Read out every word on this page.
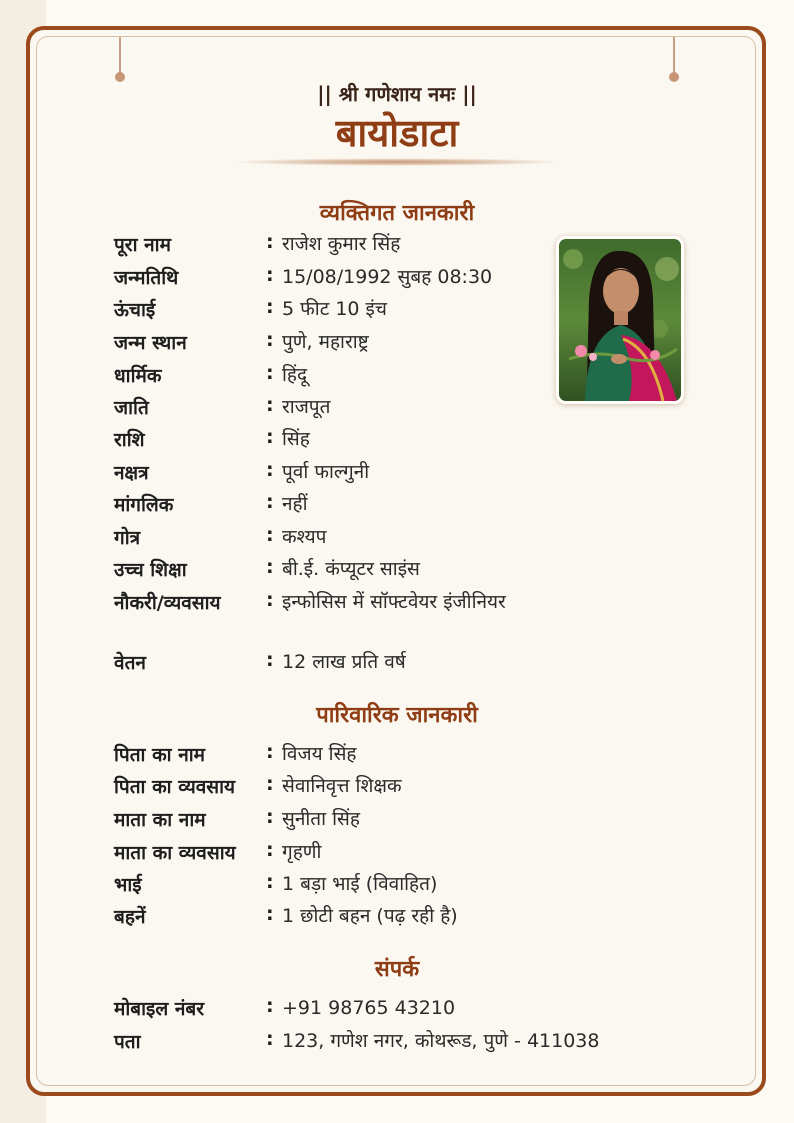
|| श्री गणेशाय नमः ||
बायोडाटा
व्यक्तिगत जानकारी
पूरा नाम	: राजेश कुमार सिंह
जन्मतिथि	: 15/08/1992 सुबह 08:30
ऊंचाई	: 5 फीट 10 इंच
जन्म स्थान	: पुणे, महाराष्ट्र
धार्मिक	: हिंदू
जाति	: राजपूत
राशि	: सिंह
नक्षत्र	: पूर्वा फाल्गुनी
मांगलिक	: नहीं
गोत्र	: कश्यप
उच्च शिक्षा	: बी.ई. कंप्यूटर साइंस
नौकरी/व्यवसाय : इन्फोसिस में सॉफ्टवेयर इंजीनियर
वेतन	: 12 लाख प्रति वर्ष
पारिवारिक जानकारी
पिता का नाम	: विजय सिंह
पिता का व्यवसाय : सेवानिवृत्त शिक्षक
माता का नाम	: सुनीता सिंह
माता का व्यवसाय : गृहणी
भाई	: 1 बड़ा भाई (विवाहित)
बहनें	: 1 छोटी बहन (पढ़ रही है)
संपर्क
मोबाइल नंबर	: +91 98765 43210
पता	: 123, गणेश नगर, कोथरूड, पुणे - 411038
